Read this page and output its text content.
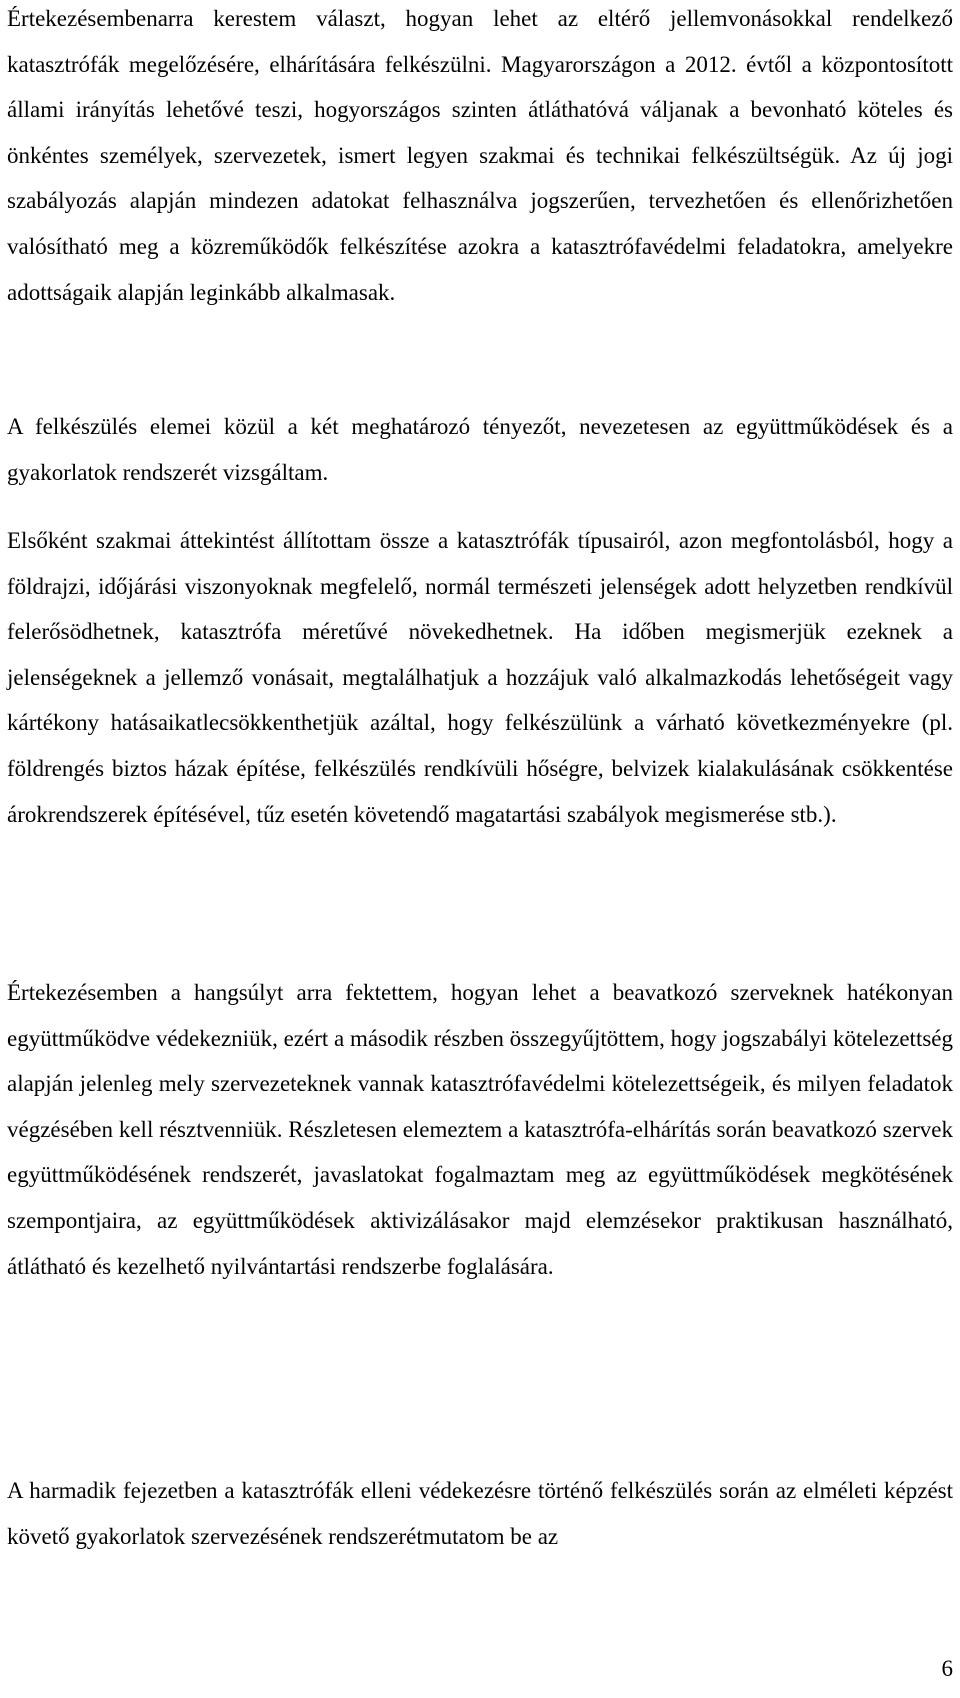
Értekezésembenarra kerestem választ, hogyan lehet az eltérő jellemvonásokkal rendelkező katasztrófák megelőzésére, elhárítására felkészülni. Magyarországon a 2012. évtől a központosított állami irányítás lehetővé teszi, hogyországos szinten átláthatóvá váljanak a bevonható köteles és önkéntes személyek, szervezetek, ismert legyen szakmai és technikai felkészültségük. Az új jogi szabályozás alapján mindezen adatokat felhasználva jogszerűen, tervezhetően és ellenőrizhetően valósítható meg a közreműködők felkészítése azokra a katasztrófavédelmi feladatokra, amelyekre adottságaik alapján leginkább alkalmasak.

A felkészülés elemei közül a két meghatározó tényezőt, nevezetesen az együttműködések és a gyakorlatok rendszerét vizsgáltam.

Elsőként szakmai áttekintést állítottam össze a katasztrófák típusairól, azon megfontolásból, hogy a földrajzi, időjárási viszonyoknak megfelelő, normál természeti jelenségek adott helyzetben rendkívül felerősödhetnek, katasztrófa méretűvé növekedhetnek. Ha időben megismerjük ezeknek a jelenségeknek a jellemző vonásait, megtalálhatjuk a hozzájuk való alkalmazkodás lehetőségeit vagy kártékony hatásaikatlecsökkenthetjük azáltal, hogy felkészülünk a várható következményekre (pl. földrengés biztos házak építése, felkészülés rendkívüli hőségre, belvizek kialakulásának csökkentése árokrendszerek építésével, tűz esetén követendő magatartási szabályok megismerése stb.).

Értekezésemben a hangsúlyt arra fektettem, hogyan lehet a beavatkozó szerveknek hatékonyan együttműködve védekezniük, ezért a második részben összegyűjtöttem, hogy jogszabályi kötelezettség alapján jelenleg mely szervezeteknek vannak katasztrófavédelmi kötelezettségeik, és milyen feladatok végzésében kell résztvenniük. Részletesen elemeztem a katasztrófa-elhárítás során beavatkozó szervek együttműködésének rendszerét, javaslatokat fogalmaztam meg az együttműködések megkötésének szempontjaira, az együttműködések aktivizálásakor majd elemzésekor praktikusan használható, átlátható és kezelhető nyilvántartási rendszerbe foglalására.

A harmadik fejezetben a katasztrófák elleni védekezésre történő felkészülés során az elméleti képzést követő gyakorlatok szervezésének rendszerétmutatom be az

6
